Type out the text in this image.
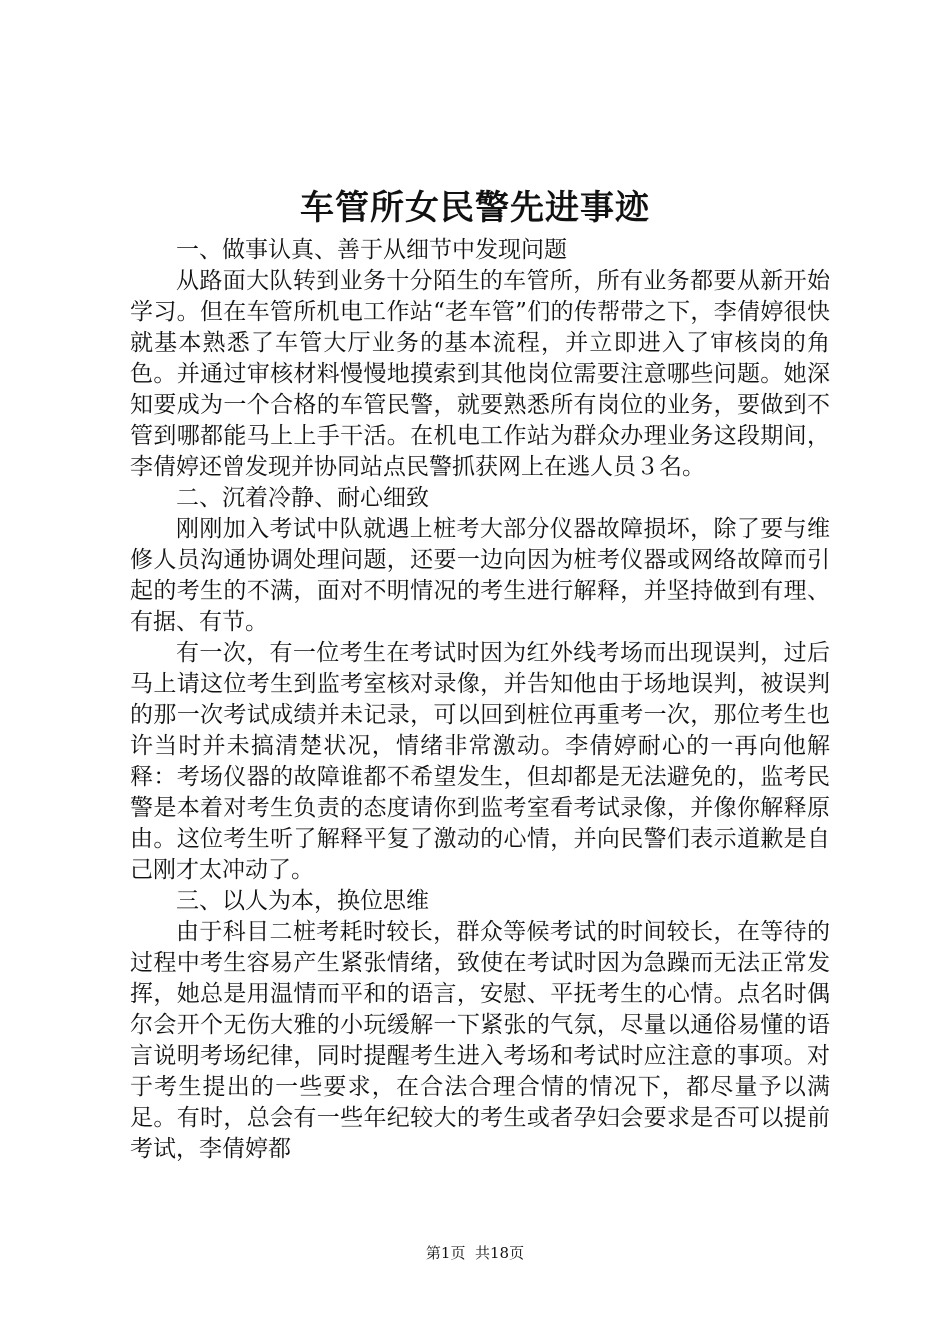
车管所女民警先进事迹

一、做事认真、善于从细节中发现问题

从路面大队转到业务十分陌生的车管所，所有业务都要从新开始学习。但在车管所机电工作站“老车管”们的传帮带之下，李倩婷很快就基本熟悉了车管大厅业务的基本流程，并立即进入了审核岗的角色。并通过审核材料慢慢地摸索到其他岗位需要注意哪些问题。她深知要成为一个合格的车管民警，就要熟悉所有岗位的业务，要做到不管到哪都能马上上手干活。在机电工作站为群众办理业务这段期间，李倩婷还曾发现并协同站点民警抓获网上在逃人员３名。

二、沉着冷静、耐心细致

刚刚加入考试中队就遇上桩考大部分仪器故障损坏，除了要与维修人员沟通协调处理问题，还要一边向因为桩考仪器或网络故障而引起的考生的不满，面对不明情况的考生进行解释，并坚持做到有理、有据、有节。

有一次，有一位考生在考试时因为红外线考场而出现误判，过后马上请这位考生到监考室核对录像，并告知他由于场地误判，被误判的那一次考试成绩并未记录，可以回到桩位再重考一次，那位考生也许当时并未搞清楚状况，情绪非常激动。李倩婷耐心的一再向他解释：考场仪器的故障谁都不希望发生，但却都是无法避免的，监考民警是本着对考生负责的态度请你到监考室看考试录像，并像你解释原由。这位考生听了解释平复了激动的心情，并向民警们表示道歉是自己刚才太冲动了。

三、以人为本，换位思维

由于科目二桩考耗时较长，群众等候考试的时间较长，在等待的过程中考生容易产生紧张情绪，致使在考试时因为急躁而无法正常发挥，她总是用温情而平和的语言，安慰、平抚考生的心情。点名时偶尔会开个无伤大雅的小玩缓解一下紧张的气氛，尽量以通俗易懂的语言说明考场纪律，同时提醒考生进入考场和考试时应注意的事项。对于考生提出的一些要求，在合法合理合情的情况下，都尽量予以满足。有时，总会有一些年纪较大的考生或者孕妇会要求是否可以提前考试，李倩婷都

第1页 共18页
